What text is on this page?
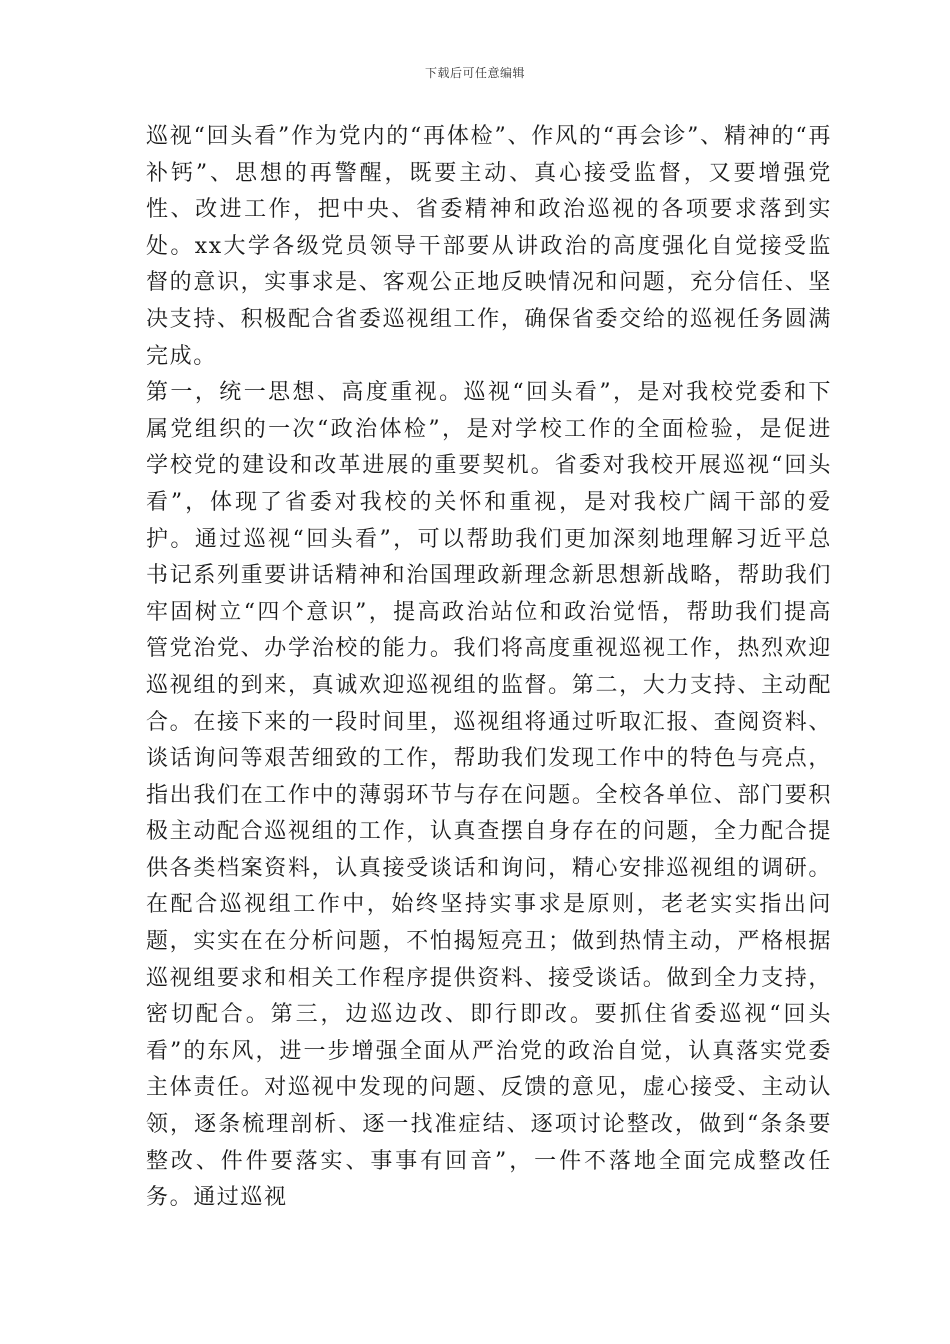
下载后可任意编辑

巡视“回头看”作为党内的“再体检”、作风的“再会诊”、精神的“再补钙”、思想的再警醒，既要主动、真心接受监督，又要增强党性、改进工作，把中央、省委精神和政治巡视的各项要求落到实处。xx大学各级党员领导干部要从讲政治的高度强化自觉接受监督的意识，实事求是、客观公正地反映情况和问题，充分信任、坚决支持、积极配合省委巡视组工作，确保省委交给的巡视任务圆满完成。

第一，统一思想、高度重视。巡视“回头看”，是对我校党委和下属党组织的一次“政治体检”，是对学校工作的全面检验，是促进学校党的建设和改革进展的重要契机。省委对我校开展巡视“回头看”，体现了省委对我校的关怀和重视，是对我校广阔干部的爱护。通过巡视“回头看”，可以帮助我们更加深刻地理解习近平总书记系列重要讲话精神和治国理政新理念新思想新战略，帮助我们牢固树立“四个意识”，提高政治站位和政治觉悟，帮助我们提高管党治党、办学治校的能力。我们将高度重视巡视工作，热烈欢迎巡视组的到来，真诚欢迎巡视组的监督。第二，大力支持、主动配合。在接下来的一段时间里，巡视组将通过听取汇报、查阅资料、谈话询问等艰苦细致的工作，帮助我们发现工作中的特色与亮点，指出我们在工作中的薄弱环节与存在问题。全校各单位、部门要积极主动配合巡视组的工作，认真查摆自身存在的问题，全力配合提供各类档案资料，认真接受谈话和询问，精心安排巡视组的调研。在配合巡视组工作中，始终坚持实事求是原则，老老实实指出问题，实实在在分析问题，不怕揭短亮丑；做到热情主动，严格根据巡视组要求和相关工作程序提供资料、接受谈话。做到全力支持，密切配合。第三，边巡边改、即行即改。要抓住省委巡视“回头看”的东风，进一步增强全面从严治党的政治自觉，认真落实党委主体责任。对巡视中发现的问题、反馈的意见，虚心接受、主动认领，逐条梳理剖析、逐一找准症结、逐项讨论整改，做到“条条要整改、件件要落实、事事有回音”，一件不落地全面完成整改任务。通过巡视
